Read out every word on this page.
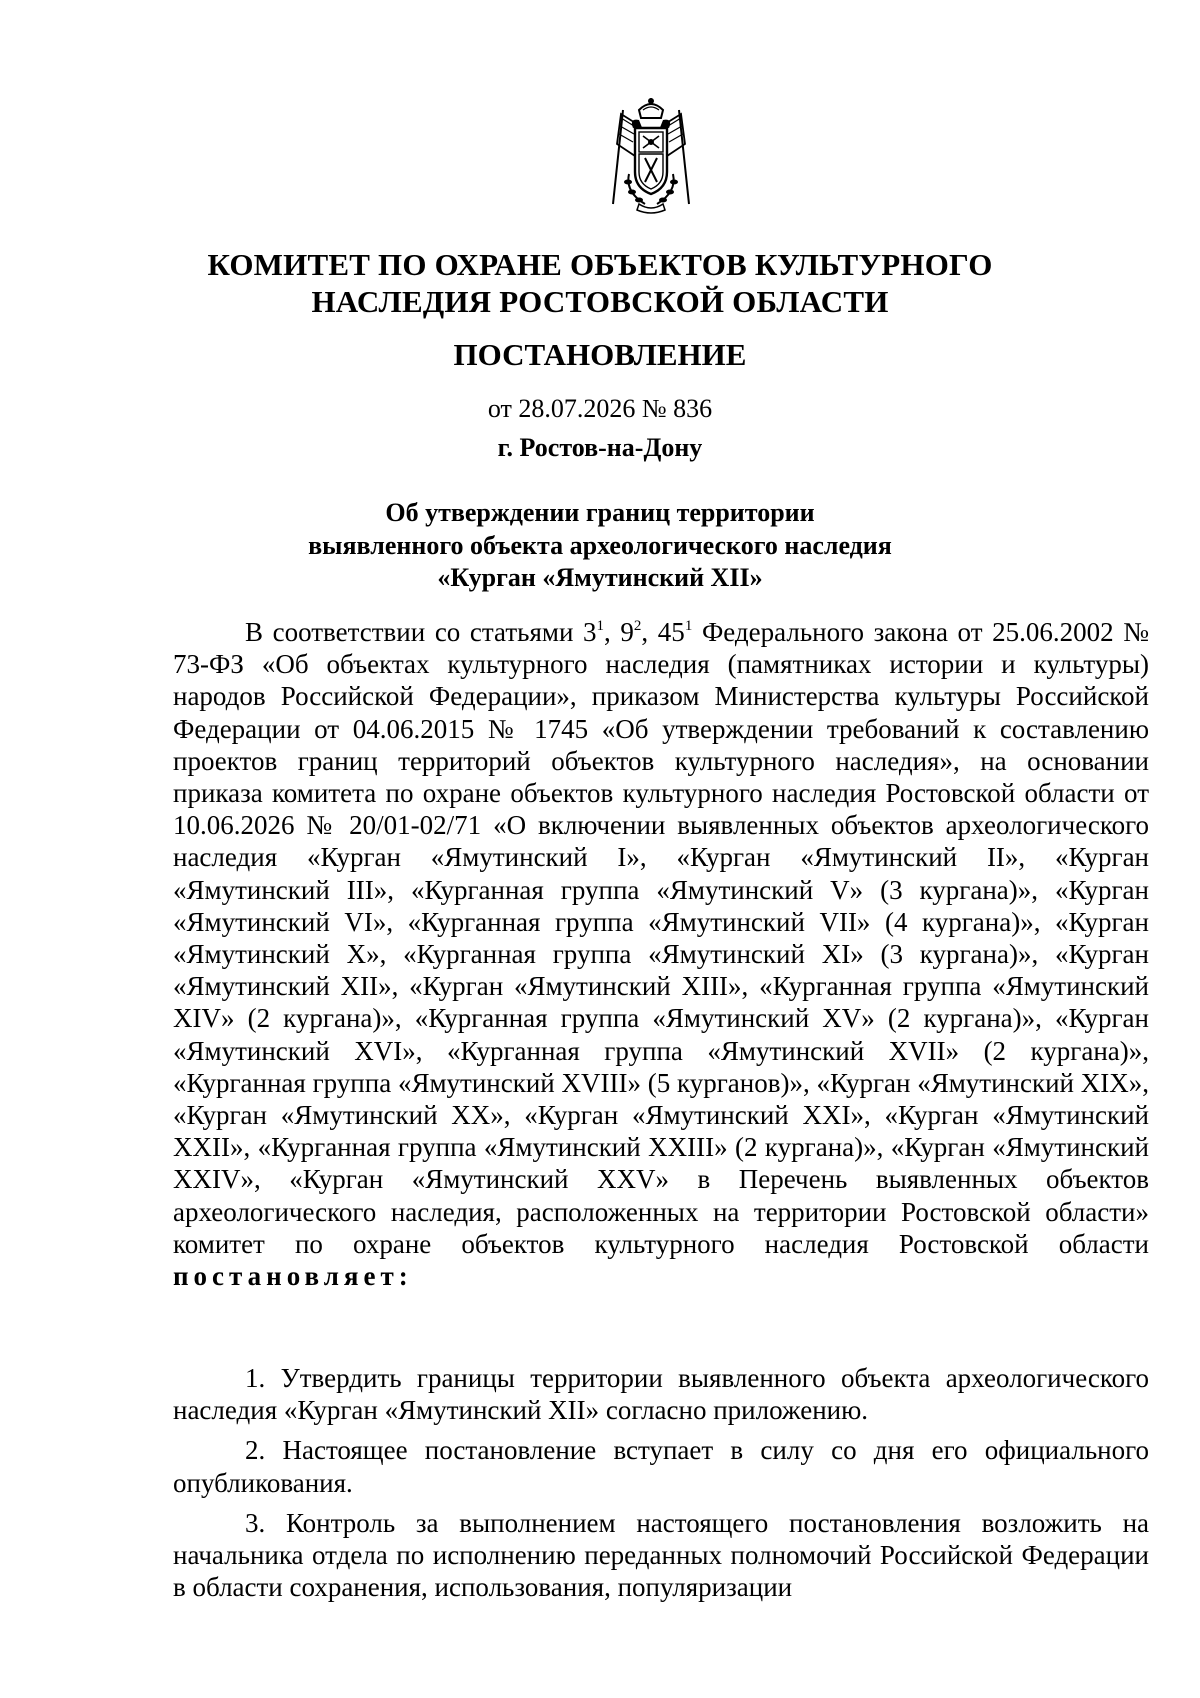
КОМИТЕТ ПО ОХРАНЕ ОБЪЕКТОВ КУЛЬТУРНОГО
НАСЛЕДИЯ РОСТОВСКОЙ ОБЛАСТИ
ПОСТАНОВЛЕНИЕ
от 28.07.2026 № 836
г. Ростов-на-Дону
Об утверждении границ территории
выявленного объекта археологического наследия
«Курган «Ямутинский XII»

В соответствии со статьями $3^1$, $9^2$, $45^1$ Федерального закона от 25.06.2002 № 73-ФЗ «Об объектах культурного наследия (памятниках истории и культуры) народов Российской Федерации», приказом Министерства культуры Российской Федерации от 04.06.2015 № 1745 «Об утверждении требований к составлению проектов границ территорий объектов культурного наследия», на основании приказа комитета по охране объектов культурного наследия Ростовской области от 10.06.2026 № 20/01-02/71 «О включении выявленных объектов археологического наследия «Курган «Ямутинский I», «Курган «Ямутинский II», «Курган «Ямутинский III», «Курганная группа «Ямутинский V» (3 кургана)», «Курган «Ямутинский VI», «Курганная группа «Ямутинский VII» (4 кургана)», «Курган «Ямутинский X», «Курганная группа «Ямутинский XI» (3 кургана)», «Курган «Ямутинский XII», «Курган «Ямутинский XIII», «Курганная группа «Ямутинский XIV» (2 кургана)», «Курганная группа «Ямутинский XV» (2 кургана)», «Курган «Ямутинский XVI», «Курганная группа «Ямутинский XVII» (2 кургана)», «Курганная группа «Ямутинский XVIII» (5 курганов)», «Курган «Ямутинский XIX», «Курган «Ямутинский XX», «Курган «Ямутинский XXI», «Курган «Ямутинский XXII», «Курганная группа «Ямутинский XXIII» (2 кургана)», «Курган «Ямутинский XXIV», «Курган «Ямутинский XXV» в Перечень выявленных объектов археологического наследия, расположенных на территории Ростовской области» комитет по охране объектов культурного наследия Ростовской области постановляет:

1. Утвердить границы территории выявленного объекта археологического наследия «Курган «Ямутинский XII» согласно приложению.

2. Настоящее постановление вступает в силу со дня его официального опубликования.

3. Контроль за выполнением настоящего постановления возложить на начальника отдела по исполнению переданных полномочий Российской Федерации в области сохранения, использования, популяризации
